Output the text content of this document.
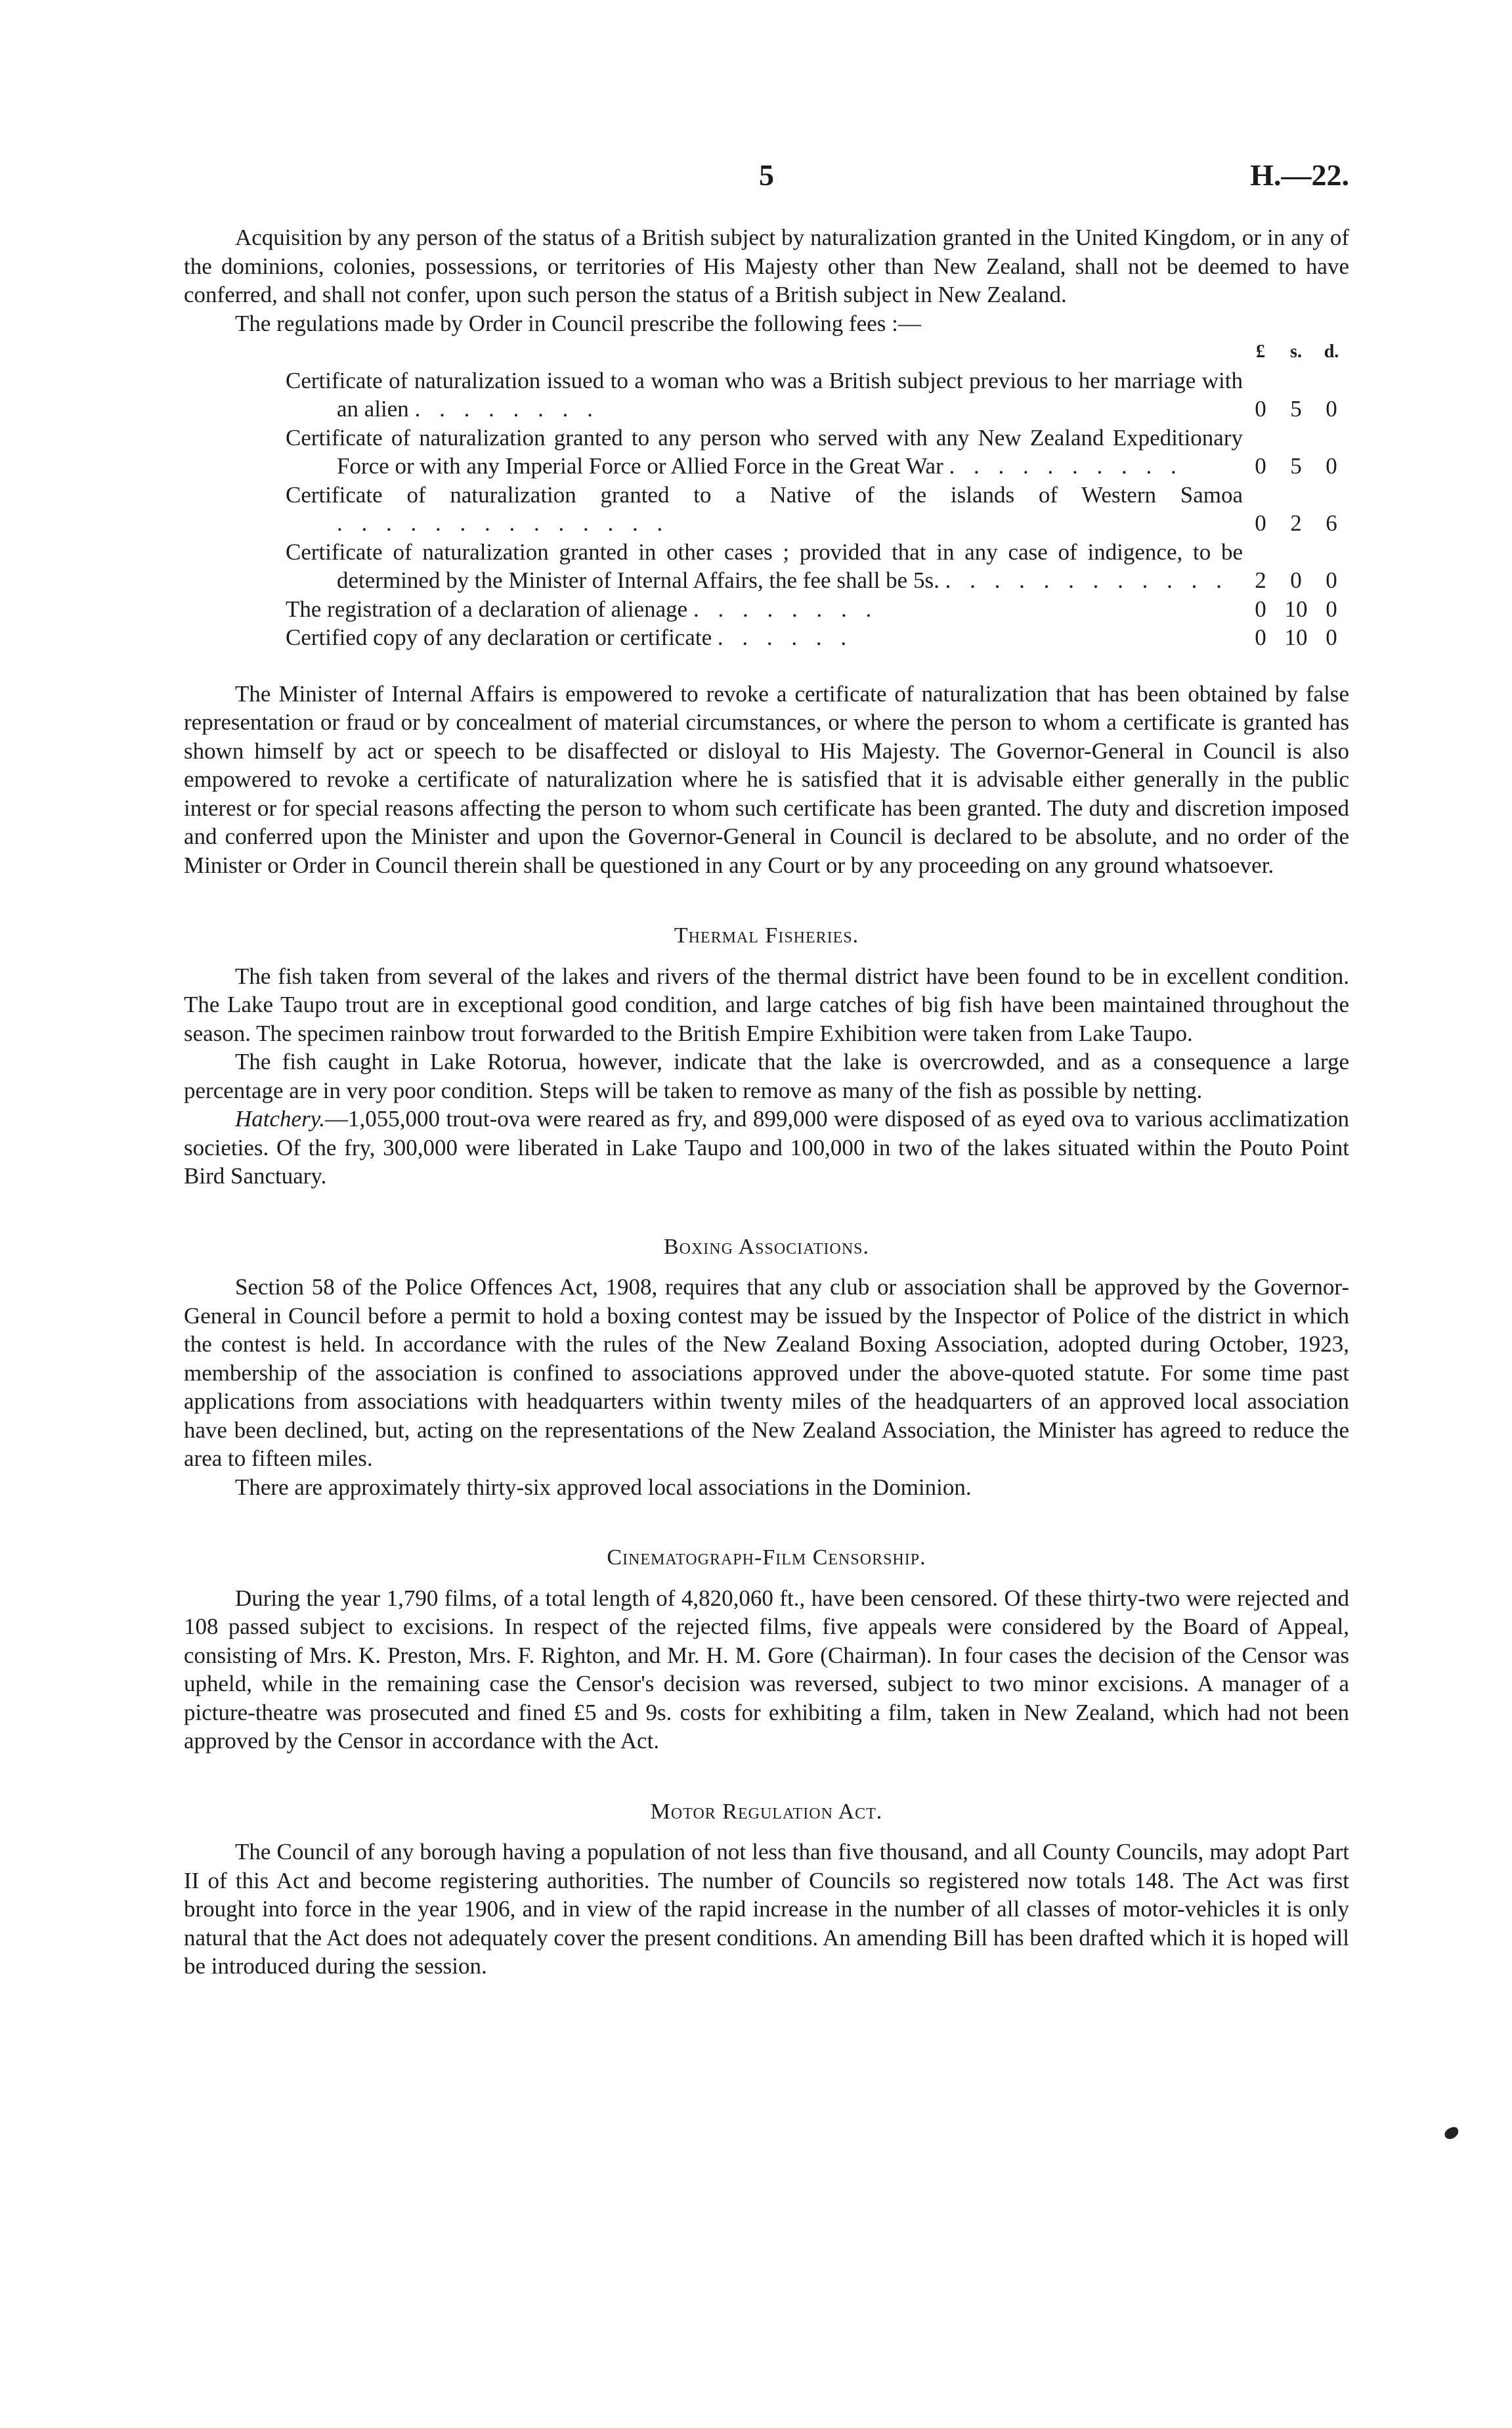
5	H.—22.

Acquisition by any person of the status of a British subject by naturalization granted in the United Kingdom, or in any of the dominions, colonies, possessions, or territories of His Majesty other than New Zealand, shall not be deemed to have conferred, and shall not confer, upon such person the status of a British subject in New Zealand.

The regulations made by Order in Council prescribe the following fees :—

£	s.	d.
Certificate of naturalization issued to a woman who was a British subject previous to her marriage with an alien . . . . . . . .	0	5	0
Certificate of naturalization granted to any person who served with any New Zealand Expeditionary Force or with any Imperial Force or Allied Force in the Great War . . . . . . . . . .	0	5	0
Certificate of naturalization granted to a Native of the islands of Western Samoa . . . . . . . . . . . . . .	0	2	6
Certificate of naturalization granted in other cases ; provided that in any case of indigence, to be determined by the Minister of Internal Affairs, the fee shall be 5s. . . . . . . . . . . . .	2	0	0
The registration of a declaration of alienage . . . . . . . .	0 10 0
Certified copy of any declaration or certificate . . . . . .	0 10 0

The Minister of Internal Affairs is empowered to revoke a certificate of naturalization that has been obtained by false representation or fraud or by concealment of material circumstances, or where the person to whom a certificate is granted has shown himself by act or speech to be disaffected or disloyal to His Majesty. The Governor-General in Council is also empowered to revoke a certificate of naturalization where he is satisfied that it is advisable either generally in the public interest or for special reasons affecting the person to whom such certificate has been granted. The duty and discretion imposed and conferred upon the Minister and upon the Governor-General in Council is declared to be absolute, and no order of the Minister or Order in Council therein shall be questioned in any Court or by any proceeding on any ground whatsoever.

Thermal Fisheries.

The fish taken from several of the lakes and rivers of the thermal district have been found to be in excellent condition. The Lake Taupo trout are in exceptional good condition, and large catches of big fish have been maintained throughout the season. The specimen rainbow trout forwarded to the British Empire Exhibition were taken from Lake Taupo.

The fish caught in Lake Rotorua, however, indicate that the lake is overcrowded, and as a consequence a large percentage are in very poor condition. Steps will be taken to remove as many of the fish as possible by netting.

Hatchery.—1,055,000 trout-ova were reared as fry, and 899,000 were disposed of as eyed ova to various acclimatization societies. Of the fry, 300,000 were liberated in Lake Taupo and 100,000 in two of the lakes situated within the Pouto Point Bird Sanctuary.

Boxing Associations.

Section 58 of the Police Offences Act, 1908, requires that any club or association shall be approved by the Governor-General in Council before a permit to hold a boxing contest may be issued by the Inspector of Police of the district in which the contest is held. In accordance with the rules of the New Zealand Boxing Association, adopted during October, 1923, membership of the association is confined to associations approved under the above-quoted statute. For some time past applications from associations with headquarters within twenty miles of the headquarters of an approved local association have been declined, but, acting on the representations of the New Zealand Association, the Minister has agreed to reduce the area to fifteen miles.

There are approximately thirty-six approved local associations in the Dominion.

Cinematograph-Film Censorship.

During the year 1,790 films, of a total length of 4,820,060 ft., have been censored. Of these thirty-two were rejected and 108 passed subject to excisions. In respect of the rejected films, five appeals were considered by the Board of Appeal, consisting of Mrs. K. Preston, Mrs. F. Righton, and Mr. H. M. Gore (Chairman). In four cases the decision of the Censor was upheld, while in the remaining case the Censor's decision was reversed, subject to two minor excisions. A manager of a picture-theatre was prosecuted and fined £5 and 9s. costs for exhibiting a film, taken in New Zealand, which had not been approved by the Censor in accordance with the Act.

Motor Regulation Act.

The Council of any borough having a population of not less than five thousand, and all County Councils, may adopt Part II of this Act and become registering authorities. The number of Councils so registered now totals 148. The Act was first brought into force in the year 1906, and in view of the rapid increase in the number of all classes of motor-vehicles it is only natural that the Act does not adequately cover the present conditions. An amending Bill has been drafted which it is hoped will be introduced during the session.
